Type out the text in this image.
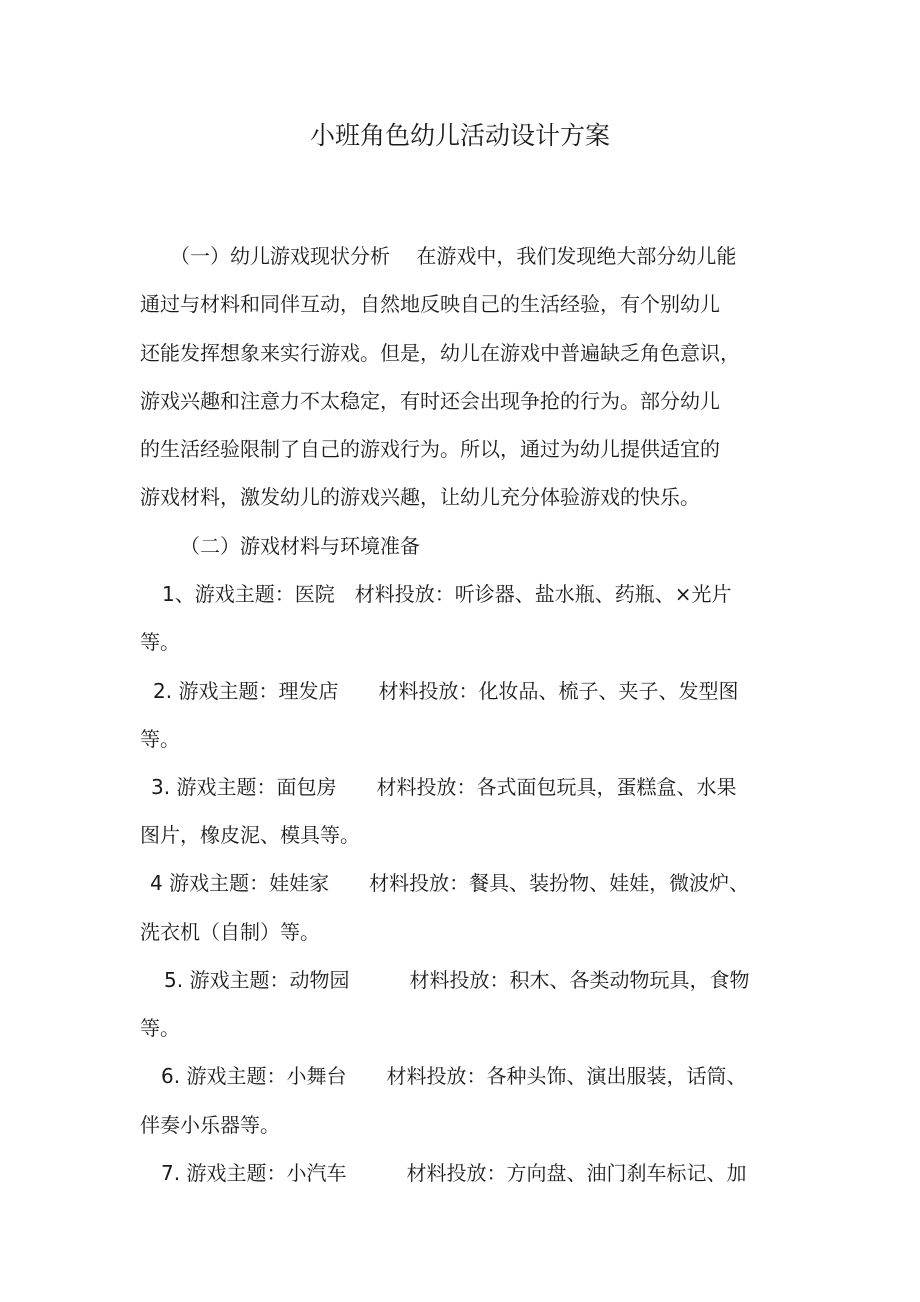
小班角色幼儿活动设计方案
（一）幼儿游戏现状分析　 在游戏中，我们发现绝大部分幼儿能
通过与材料和同伴互动，自然地反映自己的生活经验，有个别幼儿
还能发挥想象来实行游戏。但是，幼儿在游戏中普遍缺乏角色意识，
游戏兴趣和注意力不太稳定，有时还会出现争抢的行为。部分幼儿
的生活经验限制了自己的游戏行为。所以，通过为幼儿提供适宜的
游戏材料，激发幼儿的游戏兴趣，让幼儿充分体验游戏的快乐。
（二）游戏材料与环境准备
1、游戏主题：医院　材料投放：听诊器、盐水瓶、药瓶、×光片
等。
2. 游戏主题：理发店　　材料投放：化妆品、梳子、夹子、发型图
等。
3. 游戏主题：面包房　　材料投放：各式面包玩具，蛋糕盒、水果
图片，橡皮泥、模具等。
4 游戏主题：娃娃家　　材料投放：餐具、装扮物、娃娃，微波炉、
洗衣机（自制）等。
5. 游戏主题：动物园　　　材料投放：积木、各类动物玩具，食物
等。
6. 游戏主题：小舞台　　材料投放：各种头饰、演出服装，话筒、
伴奏小乐器等。
7. 游戏主题：小汽车　　　材料投放：方向盘、油门刹车标记、加
